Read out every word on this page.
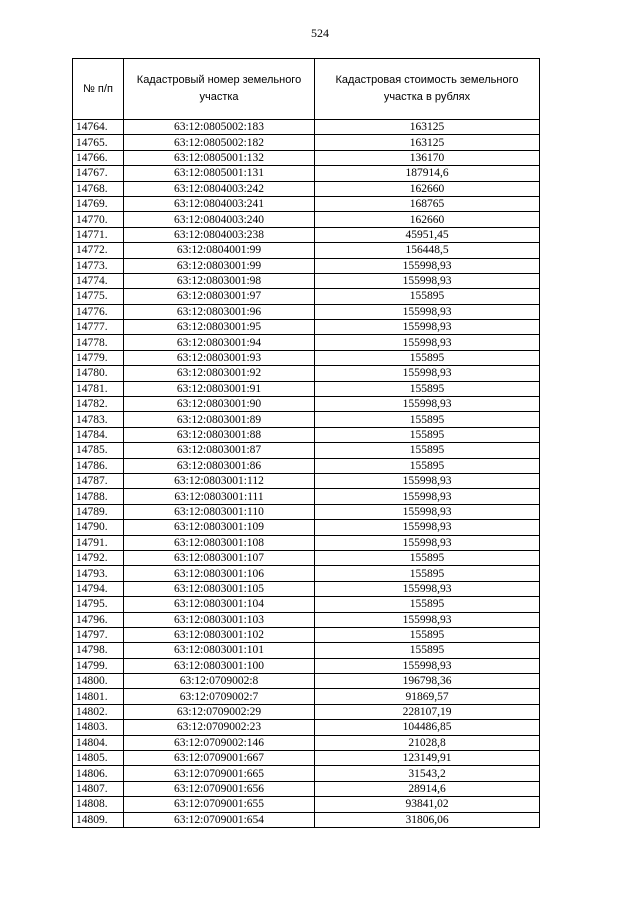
524
№ п/п	Кадастровый номер земельного участка	Кадастровая стоимость земельного участка в рублях
14764.	63:12:0805002:183	163125
14765.	63:12:0805002:182	163125
14766.	63:12:0805001:132	136170
14767.	63:12:0805001:131	187914,6
14768.	63:12:0804003:242	162660
14769.	63:12:0804003:241	168765
14770.	63:12:0804003:240	162660
14771.	63:12:0804003:238	45951,45
14772.	63:12:0804001:99	156448,5
14773.	63:12:0803001:99	155998,93
14774.	63:12:0803001:98	155998,93
14775.	63:12:0803001:97	155895
14776.	63:12:0803001:96	155998,93
14777.	63:12:0803001:95	155998,93
14778.	63:12:0803001:94	155998,93
14779.	63:12:0803001:93	155895
14780.	63:12:0803001:92	155998,93
14781.	63:12:0803001:91	155895
14782.	63:12:0803001:90	155998,93
14783.	63:12:0803001:89	155895
14784.	63:12:0803001:88	155895
14785.	63:12:0803001:87	155895
14786.	63:12:0803001:86	155895
14787.	63:12:0803001:112	155998,93
14788.	63:12:0803001:111	155998,93
14789.	63:12:0803001:110	155998,93
14790.	63:12:0803001:109	155998,93
14791.	63:12:0803001:108	155998,93
14792.	63:12:0803001:107	155895
14793.	63:12:0803001:106	155895
14794.	63:12:0803001:105	155998,93
14795.	63:12:0803001:104	155895
14796.	63:12:0803001:103	155998,93
14797.	63:12:0803001:102	155895
14798.	63:12:0803001:101	155895
14799.	63:12:0803001:100	155998,93
14800.	63:12:0709002:8	196798,36
14801.	63:12:0709002:7	91869,57
14802.	63:12:0709002:29	228107,19
14803.	63:12:0709002:23	104486,85
14804.	63:12:0709002:146	21028,8
14805.	63:12:0709001:667	123149,91
14806.	63:12:0709001:665	31543,2
14807.	63:12:0709001:656	28914,6
14808.	63:12:0709001:655	93841,02
14809.	63:12:0709001:654	31806,06
